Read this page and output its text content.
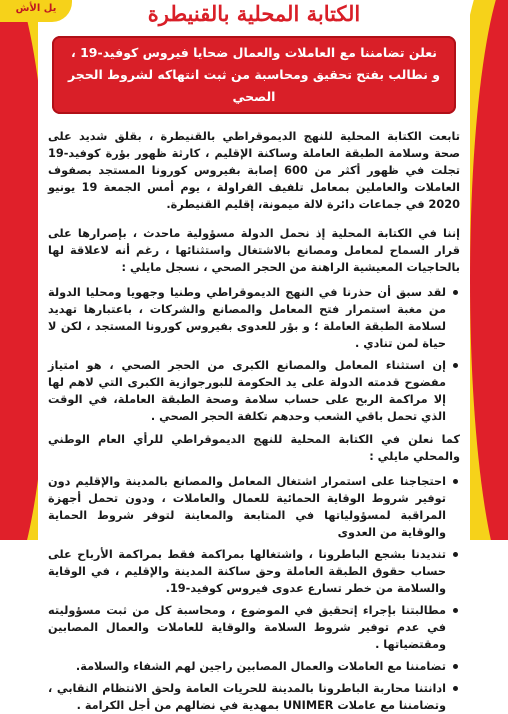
يل الأش	الكتابة المحلية بالقنيطرة

نعلن تضامننا مع العاملات والعمال ضحايا فيروس كوفيد-19 ،

و نطالب بفتح تحقيق ومحاسبة من ثبت انتهاكه لشروط الحجر الصحي

تابعت الكتابة المحلية للنهج الديموقراطي بالقنيطرة ، بقلق شديد على صحة وسلامة الطبقة العاملة وساكنة الإقليم ، كارثة ظهور بؤرة كوفيد-19 تجلت في ظهور أكثر من 600 إصابة بفيروس كورونا المستجد بصفوف العاملات والعاملين بمعامل تلفيف الفراولة ، يوم أمس الجمعة 19 يونيو 2020 في جماعات دائرة لالة ميمونة، إقليم القنيطرة.

إننا في الكتابة المحلية إذ نحمل الدولة مسؤولية ماحدث ، بإصرارها على قرار السماح لمعامل ومصانع بالاشتغال واستثنائها ، رغم أنه لاعلاقة لها بالحاجيات المعيشية الراهنة من الحجر الصحي ، نسجل مايلي :

لقد سبق أن حذرنا في النهج الديموقراطي وطنيا وجهويا ومحليا الدولة من مغبة استمرار فتح المعامل والمصانع والشركات ، باعتبارها تهديد لسلامة الطبقة العاملة ؛ و بؤر للعدوى بفيروس كورونا المستجد ، لكن لا حياة لمن تنادي .
إن استثناء المعامل والمصانع الكبرى من الحجر الصحي ، هو امتياز مفضوح قدمته الدولة على يد الحكومة للبورجوازية الكبرى التي لاهم لها إلا مراكمة الربح على حساب سلامة وصحة الطبقة العاملة، في الوقت الذي تحمل باقي الشعب وحدهم تكلفة الحجر الصحي .

كما نعلن في الكتابة المحلية للنهج الديموقراطي للرأي العام الوطني والمحلي مايلي :

احتجاجنا على استمرار اشتغال المعامل والمصانع بالمدينة والإقليم دون توفير شروط الوقاية الحمائية للعمال والعاملات ، ودون تحمل أجهزة المراقبة لمسؤولياتها في المتابعة والمعاينة لتوفر شروط الحماية والوقاية من العدوى
تنديدنا بشجع الباطرونا ، واشتغالها بمراكمة فقط بمراكمة الأرباح على حساب حقوق الطبقة العاملة وحق ساكنة المدينة والإقليم ، في الوقاية والسلامة من خطر تسارع عدوى فيروس كوفيد-19.
مطالبتنا بإجراء إتحقيق في الموضوع ، ومحاسبة كل من ثبت مسؤوليته في عدم توفير شروط السلامة والوقاية للعاملات والعمال المصابين ومقتضياتها .
تضامننا مع العاملات والعمال المصابين راجين لهم الشفاء والسلامة.
ادانتنا محاربة الباطرونا بالمدينة للحريات العامة ولحق الانتظام النقابي ، وتضامننا مع عاملات UNIMER بمهدية في نضالهم من أجل الكرامة .
